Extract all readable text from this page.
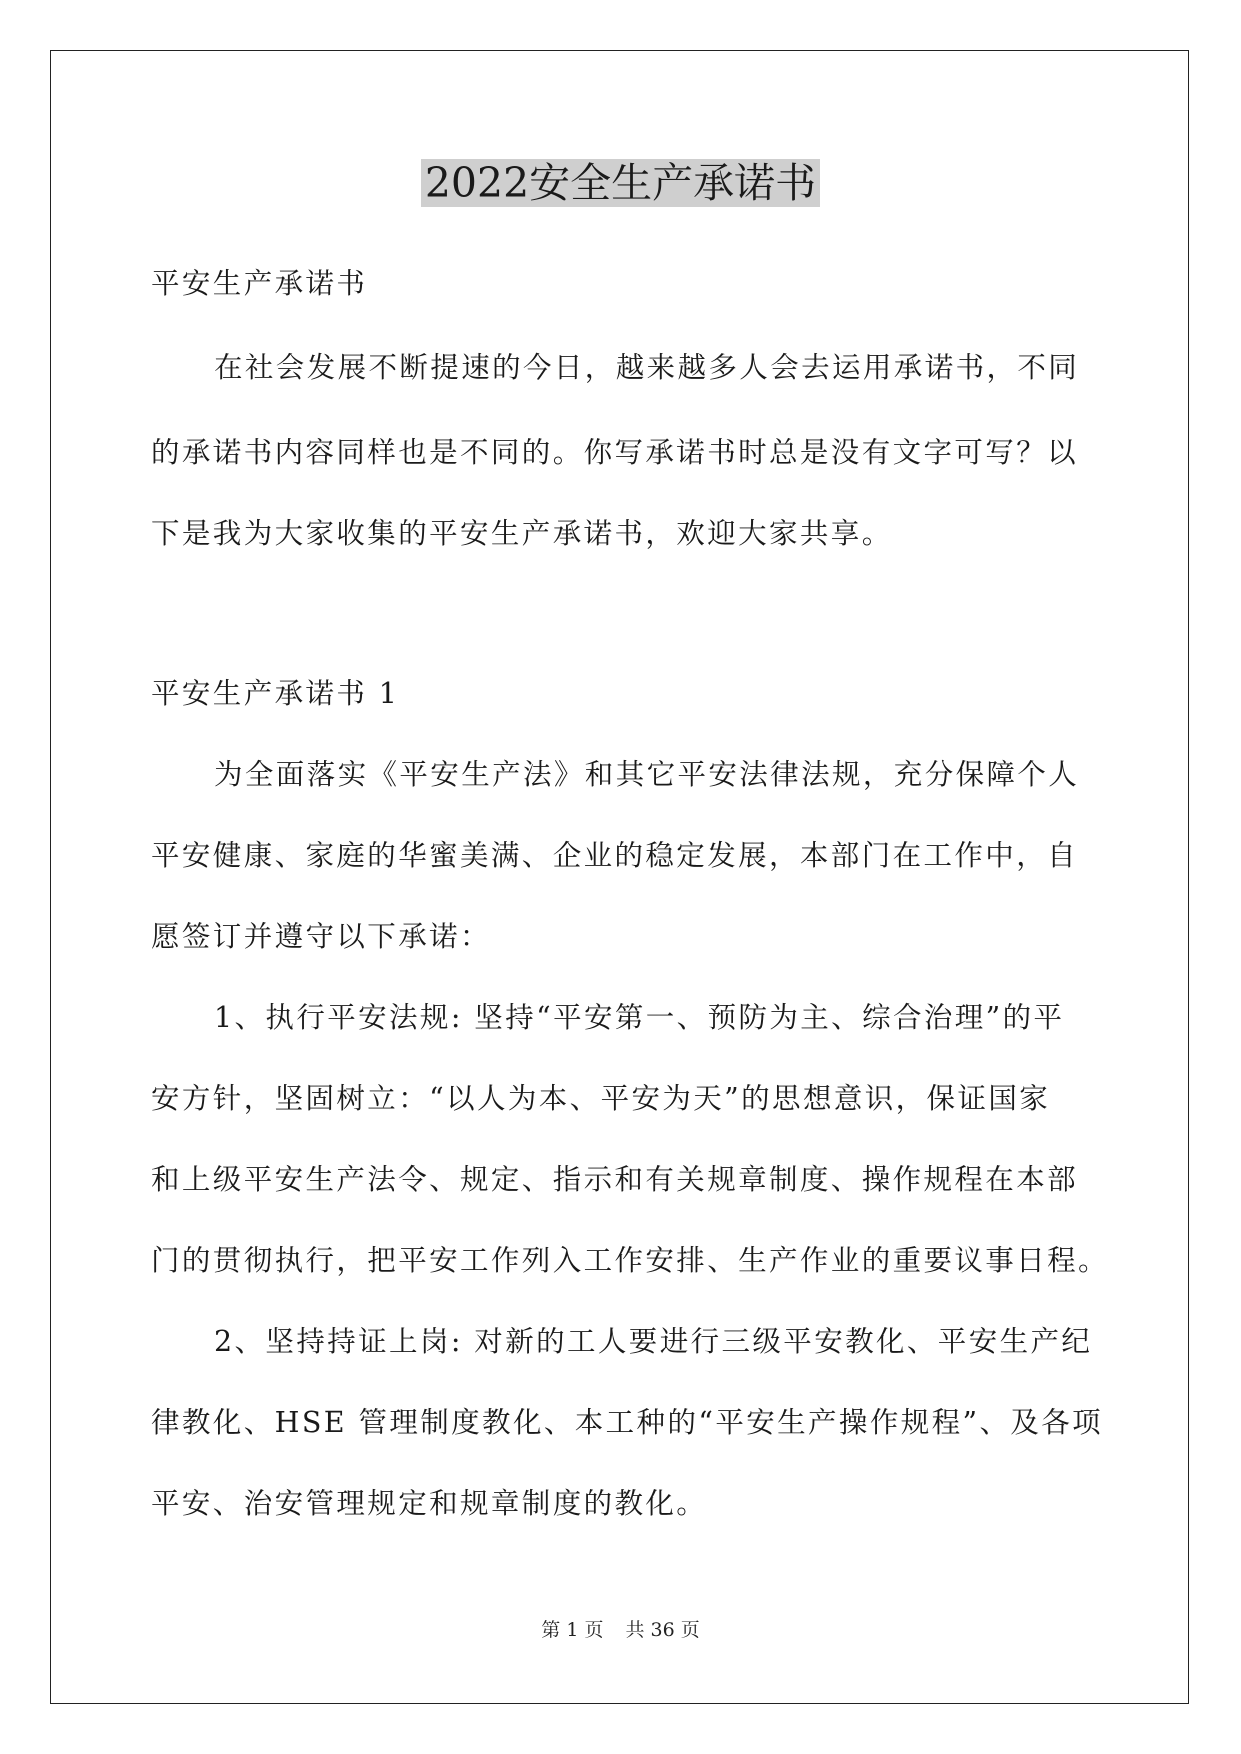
2022安全生产承诺书
平安生产承诺书
在社会发展不断提速的今日，越来越多人会去运用承诺书，不同
的承诺书内容同样也是不同的。你写承诺书时总是没有文字可写？以
下是我为大家收集的平安生产承诺书，欢迎大家共享。
平安生产承诺书 1
为全面落实《平安生产法》和其它平安法律法规，充分保障个人
平安健康、家庭的华蜜美满、企业的稳定发展，本部门在工作中，自
愿签订并遵守以下承诺：
1、执行平安法规: 坚持“平安第一、预防为主、综合治理”的平
安方针，坚固树立：“以人为本、平安为天”的思想意识，保证国家
和上级平安生产法令、规定、指示和有关规章制度、操作规程在本部
门的贯彻执行，把平安工作列入工作安排、生产作业的重要议事日程。
2、坚持持证上岗: 对新的工人要进行三级平安教化、平安生产纪
律教化、HSE 管理制度教化、本工种的“平安生产操作规程”、及各项
平安、治安管理规定和规章制度的教化。
第 1 页 共 36 页
